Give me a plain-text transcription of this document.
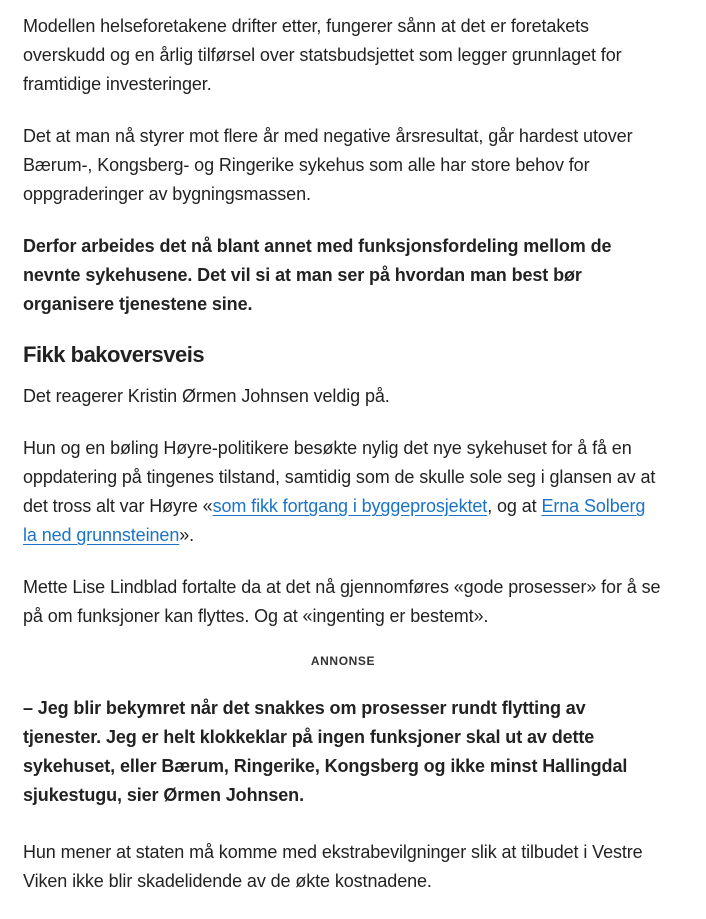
Modellen helseforetakene drifter etter, fungerer sånn at det er foretakets overskudd og en årlig tilførsel over statsbudsjettet som legger grunnlaget for framtidige investeringer.

Det at man nå styrer mot flere år med negative årsresultat, går hardest utover Bærum-, Kongsberg- og Ringerike sykehus som alle har store behov for oppgraderinger av bygningsmassen.

Derfor arbeides det nå blant annet med funksjonsfordeling mellom de nevnte sykehusene. Det vil si at man ser på hvordan man best bør organisere tjenestene sine.

Fikk bakoversveis

Det reagerer Kristin Ørmen Johnsen veldig på.

Hun og en bøling Høyre-politikere besøkte nylig det nye sykehuset for å få en oppdatering på tingenes tilstand, samtidig som de skulle sole seg i glansen av at det tross alt var Høyre «som fikk fortgang i byggeprosjektet, og at Erna Solberg la ned grunnsteinen».

Mette Lise Lindblad fortalte da at det nå gjennomføres «gode prosesser» for å se på om funksjoner kan flyttes. Og at «ingenting er bestemt».

ANNONSE

– Jeg blir bekymret når det snakkes om prosesser rundt flytting av tjenester. Jeg er helt klokkeklar på ingen funksjoner skal ut av dette sykehuset, eller Bærum, Ringerike, Kongsberg og ikke minst Hallingdal sjukestugu, sier Ørmen Johnsen.

Hun mener at staten må komme med ekstrabevilgninger slik at tilbudet i Vestre Viken ikke blir skadelidende av de økte kostnadene.
